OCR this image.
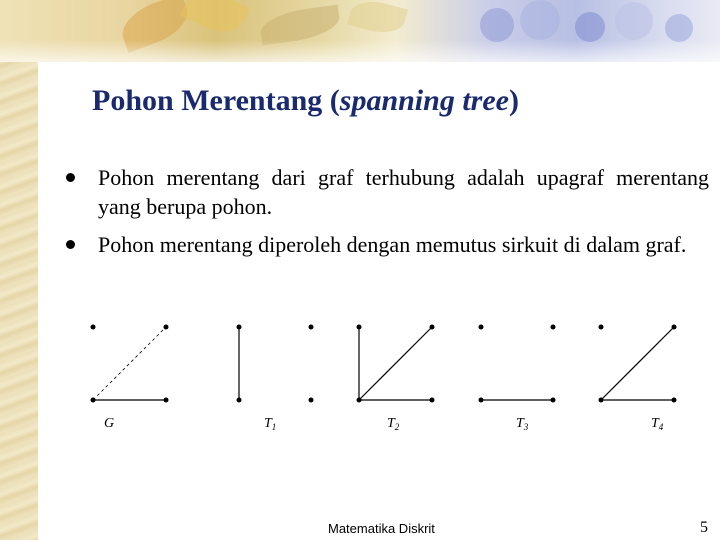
Pohon Merentang (spanning tree)
Pohon merentang dari graf terhubung adalah upagraf merentang yang berupa pohon.
Pohon merentang diperoleh dengan memutus sirkuit di dalam graf.
G	$T_1$	$T_2$	$T_3$	$T_4$
Matematika Diskrit	5
